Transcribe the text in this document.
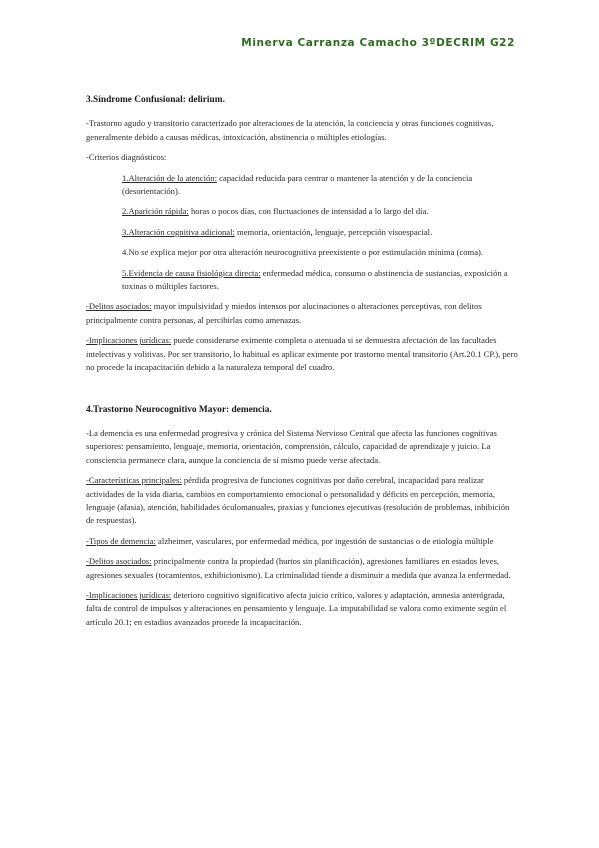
Minerva Carranza Camacho 3ºDECRIM G22

3.Síndrome Confusional: delirium.

-Trastorno agudo y transitorio caracterizado por alteraciones de la atención, la conciencia y otras funciones cognitivas, generalmente debido a causas médicas, intoxicación, abstinencia o múltiples etiologías.

-Criterios diagnósticos:

1.Alteración de la atención: capacidad reducida para centrar o mantener la atención y de la conciencia (desorientación).

2.Aparición rápida: horas o pocos días, con fluctuaciones de intensidad a lo largo del día.

3.Alteración cognitiva adicional: memoria, orientación, lenguaje, percepción visoespacial.

4.No se explica mejor por otra alteración neurocognitiva preexistente o por estimulación mínima (coma).

5.Evidencia de causa fisiológica directa: enfermedad médica, consumo o abstinencia de sustancias, exposición a toxinas o múltiples factores.

-Delitos asociados: mayor impulsividad y miedos intensos por alucinaciones o alteraciones perceptivas, con delitos principalmente contra personas, al percibirlas como amenazas.

-Implicaciones jurídicas: puede considerarse eximente completa o atenuada si se demuestra afectación de las facultades intelectivas y volitivas. Por ser transitorio, lo habitual es aplicar eximente por trastorno mental transitorio (Art.20.1 CP.), pero no procede la incapacitación debido a la naturaleza temporal del cuadro.

4.Trastorno Neurocognitivo Mayor: demencia.

-La demencia es una enfermedad progresiva y crónica del Sistema Nervioso Central que afecta las funciones cognitivas superiores: pensamiento, lenguaje, memoria, orientación, comprensión, cálculo, capacidad de aprendizaje y juicio. La consciencia permanece clara, aunque la conciencia de sí mismo puede verse afectada.

-Características principales: pérdida progresiva de funciones cognitivas por daño cerebral, incapacidad para realizar actividades de la vida diaria, cambios en comportamiento emocional o personalidad y déficits en percepción, memoria, lenguaje (afasia), atención, habilidades óculomanuales, praxias y funciones ejecutivas (resolución de problemas, inhibición de respuestas).

-Tipos de demencia: alzheimer, vasculares, por enfermedad médica, por ingestión de sustancias o de etiología múltiple

-Delitos asociados: principalmente contra la propiedad (hurtos sin planificación), agresiones familiares en estados leves, agresiones sexuales (tocamientos, exhibicionismo). La criminalidad tiende a disminuir a medida que avanza la enfermedad.

-Implicaciones jurídicas: deterioro cognitivo significativo afecta juicio crítico, valores y adaptación, amnesia anterógrada, falta de control de impulsos y alteraciones en pensamiento y lenguaje. La imputabilidad se valora como eximente según el artículo 20.1; en estadios avanzados procede la incapacitación.
